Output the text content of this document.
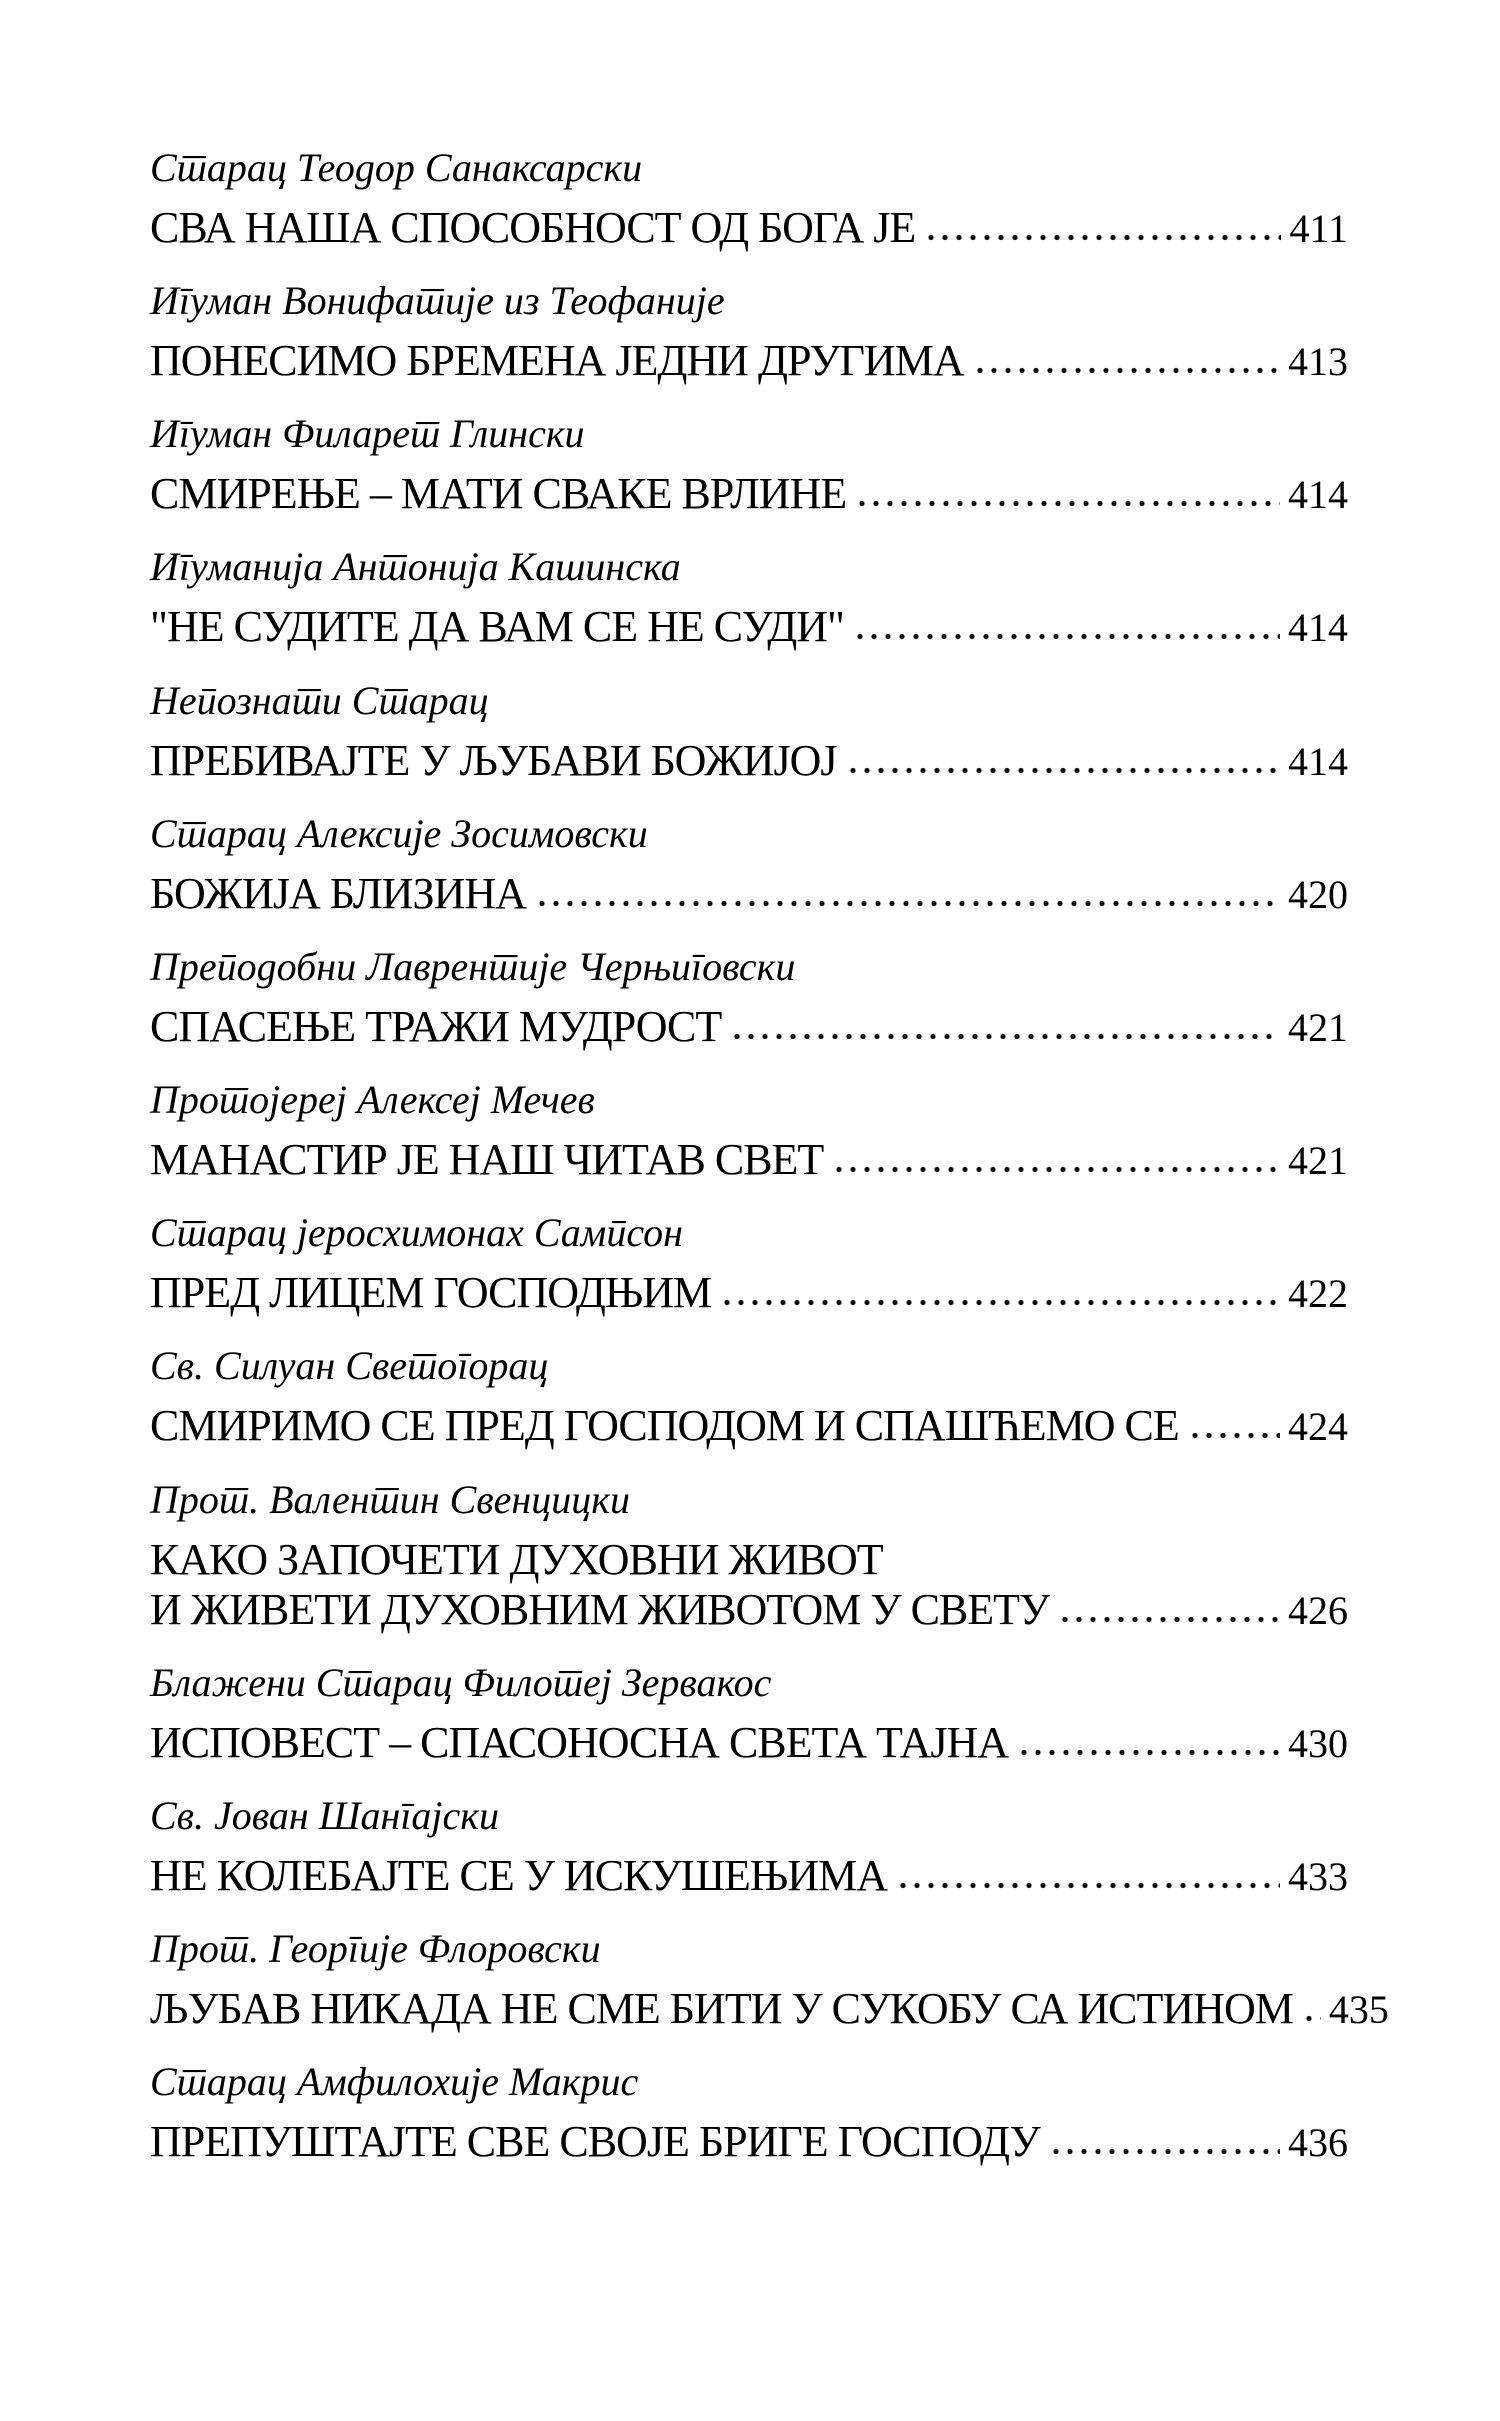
Старац Теодор Санаксарски
СВА НАША СПОСОБНОСТ ОД БОГА ЈЕ	411
Игуман Вонифатије из Теофаније
ПОНЕСИМО БРЕМЕНА ЈЕДНИ ДРУГИМА	413
Игуман Филарет Глински
СМИРЕЊЕ – МАТИ СВАКЕ ВРЛИНЕ	414
Игуманија Антонија Кашинска
"НЕ СУДИТЕ ДА ВАМ СЕ НЕ СУДИ"	414
Непознати Старац
ПРЕБИВАЈТЕ У ЉУБАВИ БОЖИЈОЈ	414
Старац Алексије Зосимовски
БОЖИЈА БЛИЗИНА	420
Преподобни Лаврентије Черњиговски
СПАСЕЊЕ ТРАЖИ МУДРОСТ	421
Протојереј Алексеј Мечев
МАНАСТИР ЈЕ НАШ ЧИТАВ СВЕТ	421
Старац јеросхимонах Сампсон
ПРЕД ЛИЦЕМ ГОСПОДЊИМ	422
Св. Силуан Светогорац
СМИРИМО СЕ ПРЕД ГОСПОДОМ И СПАШЋЕМО СЕ	424
Прот. Валентин Свенцицки
КАКО ЗАПОЧЕТИ ДУХОВНИ ЖИВОТ
И ЖИВЕТИ ДУХОВНИМ ЖИВОТОМ У СВЕТУ	426
Блажени Старац Филотеј Зервакос
ИСПОВЕСТ – СПАСОНОСНА СВЕТА ТАЈНА	430
Св. Јован Шангајски
НЕ КОЛЕБАЈТЕ СЕ У ИСКУШЕЊИМА	433
Прот. Георгије Флоровски
ЉУБАВ НИКАДА НЕ СМЕ БИТИ У СУКОБУ СА ИСТИНОМ 435
Старац Амфилохије Макрис
ПРЕПУШТАЈТЕ СВЕ СВОЈЕ БРИГЕ ГОСПОДУ	436
